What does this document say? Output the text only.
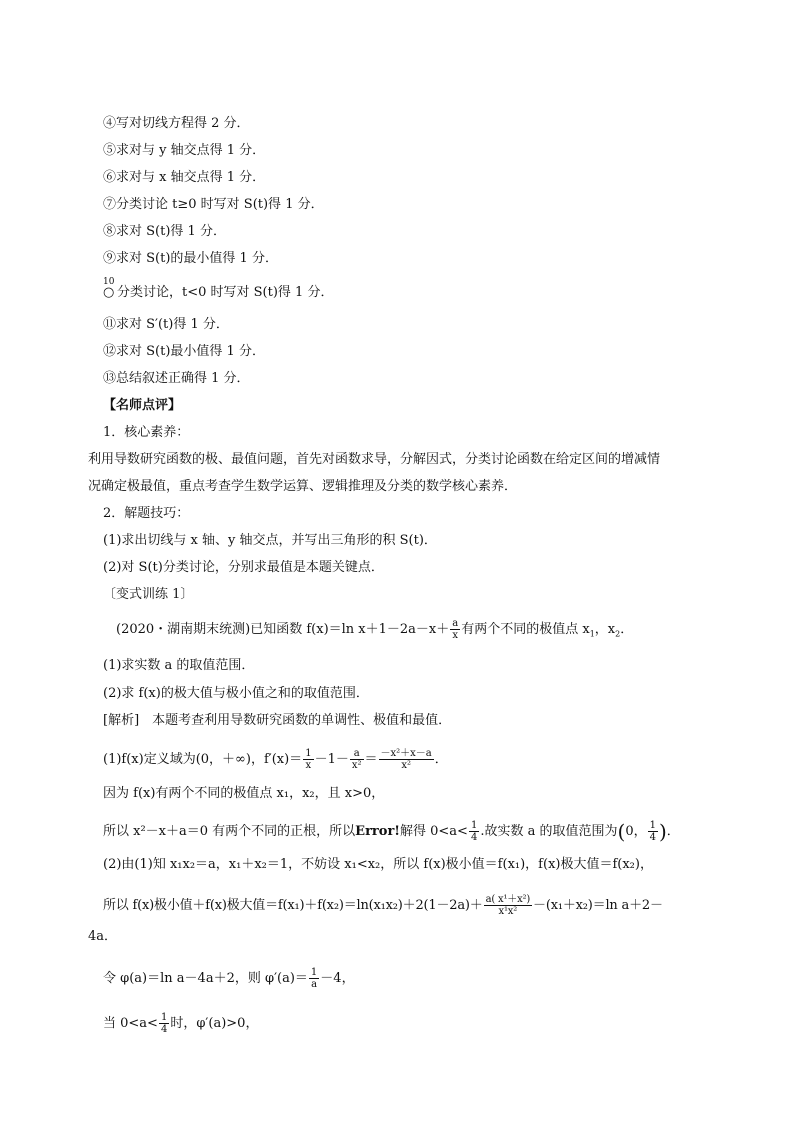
④写对切线方程得 2 分．
⑤求对与 y 轴交点得 1 分．
⑥求对与 x 轴交点得 1 分．
⑦分类讨论 t≥0 时写对 S(t)得 1 分．
⑧求对 S(t)得 1 分．
⑨求对 S(t)的最小值得 1 分．
10
○ 分类讨论，t<0 时写对 S(t)得 1 分．
⑪求对 S′(t)得 1 分．
⑫求对 S(t)最小值得 1 分．
⑬总结叙述正确得 1 分．
【名师点评】
1．核心素养：
利用导数研究函数的极、最值问题，首先对函数求导，分解因式，分类讨论函数在给定区间的增减情
况确定极最值，重点考查学生数学运算、逻辑推理及分类的数学核心素养．
2．解题技巧：
(1)求出切线与 x 轴、y 轴交点，并写出三角形的积 S(t)．
(2)对 S(t)分类讨论，分别求最值是本题关键点．
〔变式训练 1〕
(2020・湖南期末统测)已知函数 f(x)＝ln $x+1-2a-x+ \frac{a}{x}$ 有两个不同的极值点 $x_1$，$x_2$．
(1)求实数 a 的取值范围．
(2)求 f(x)的极大值与极小值之和的取值范围．
[解析]　本题考查利用导数研究函数的单调性、极值和最值．
(1)f(x)定义域为(0，＋∞)，$f'(x)= \frac{1}{x} -1- \frac{a}{\text{x²}} = \frac{\text{－x²＋x－a}}{\text{x²}}$ ．
因为 f(x)有两个不同的极值点 x₁，x₂，且 x>0，
所以 x²－x＋a＝0 有两个不同的正根，所以Error!解得 $0<a< \frac{1}{4}$ .故实数 a 的取值范围为(0， $\frac{1}{4}$ )．
(2)由(1)知 x₁x₂＝a，x₁＋x₂＝1，不妨设 x₁<x₂，所以 f(x)极小值＝f(x₁)，f(x)极大值＝f(x₂)，
所以 f(x)极小值＋f(x)极大值$=f(x_1)+f(x_2)=\ln(x_1x_2)+2(1-2a)+ \frac{\text{a( x¹＋x²)}}{\text{x¹x²}} -(x_1+x_2)=\ln$ a＋2－
4a．
令 φ(a)＝ln a－4a＋2，则 $\varphi'(a)= \frac{1}{a} -4$，
当 $0<a< \frac{1}{4}$ 时，φ′(a)>0，
